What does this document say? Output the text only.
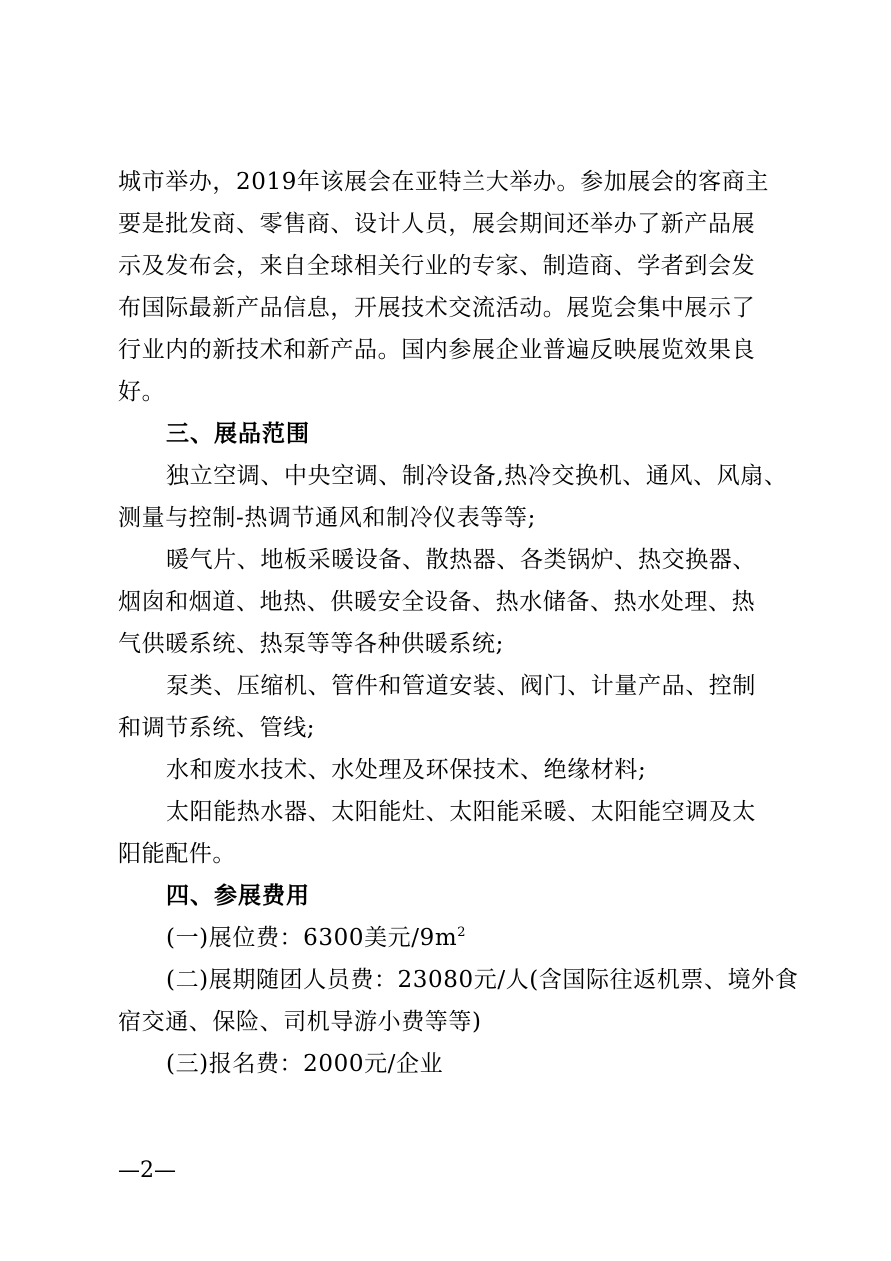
城市举办，2019年该展会在亚特兰大举办。参加展会的客商主
要是批发商、零售商、设计人员，展会期间还举办了新产品展
示及发布会，来自全球相关行业的专家、制造商、学者到会发
布国际最新产品信息，开展技术交流活动。展览会集中展示了
行业内的新技术和新产品。国内参展企业普遍反映展览效果良
好。
三、展品范围
独立空调、中央空调、制冷设备,热冷交换机、通风、风扇、
测量与控制-热调节通风和制冷仪表等等;
暖气片、地板采暖设备、散热器、各类锅炉、热交换器、
烟囱和烟道、地热、供暖安全设备、热水储备、热水处理、热
气供暖系统、热泵等等各种供暖系统;
泵类、压缩机、管件和管道安装、阀门、计量产品、控制
和调节系统、管线;
水和废水技术、水处理及环保技术、绝缘材料;
太阳能热水器、太阳能灶、太阳能采暖、太阳能空调及太
阳能配件。
四、参展费用
(一)展位费：6300美元$/9m^2$
(二)展期随团人员费：23080元/人(含国际往返机票、境外食
宿交通、保险、司机导游小费等等)
(三)报名费：2000元/企业
—2—
